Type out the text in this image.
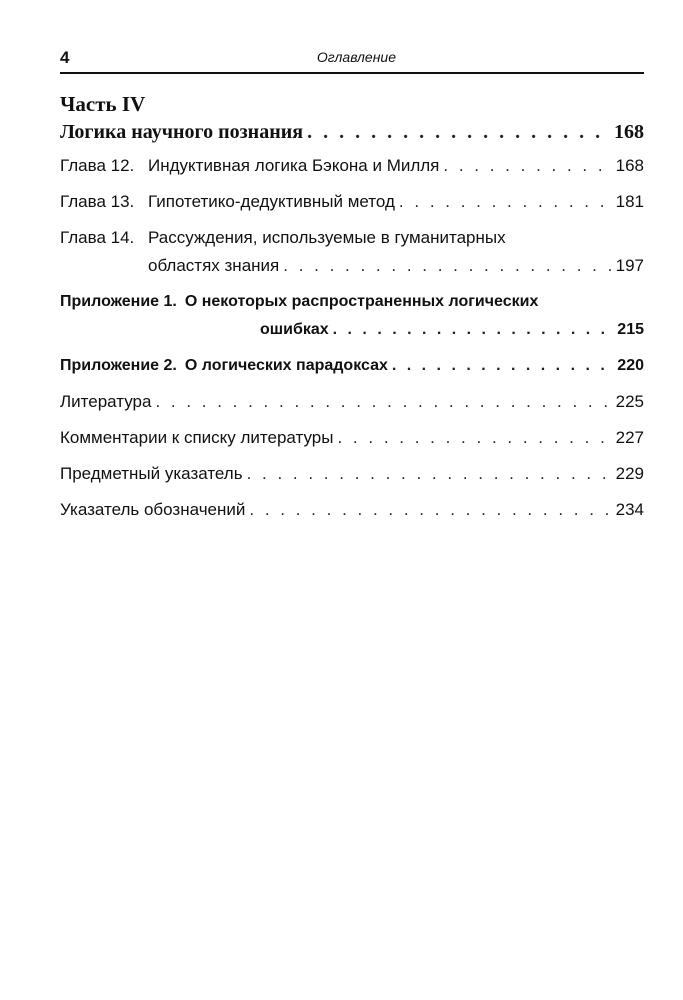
4	Оглавление
Часть IV
Логика научного познания . . .	168
Глава 12. Индуктивная логика Бэкона и Милля . . .	168
Глава 13. Гипотетико-дедуктивный метод . . .	181
Глава 14. Рассуждения, используемые в гуманитарных
областях знания . . .	197
Приложение 1. О некоторых распространенных логических
ошибках . . .	215
Приложение 2. О логических парадоксах . . .	220
Литература . . .	225
Комментарии к списку литературы . . .	227
Предметный указатель . . .	229
Указатель обозначений . . .	234
